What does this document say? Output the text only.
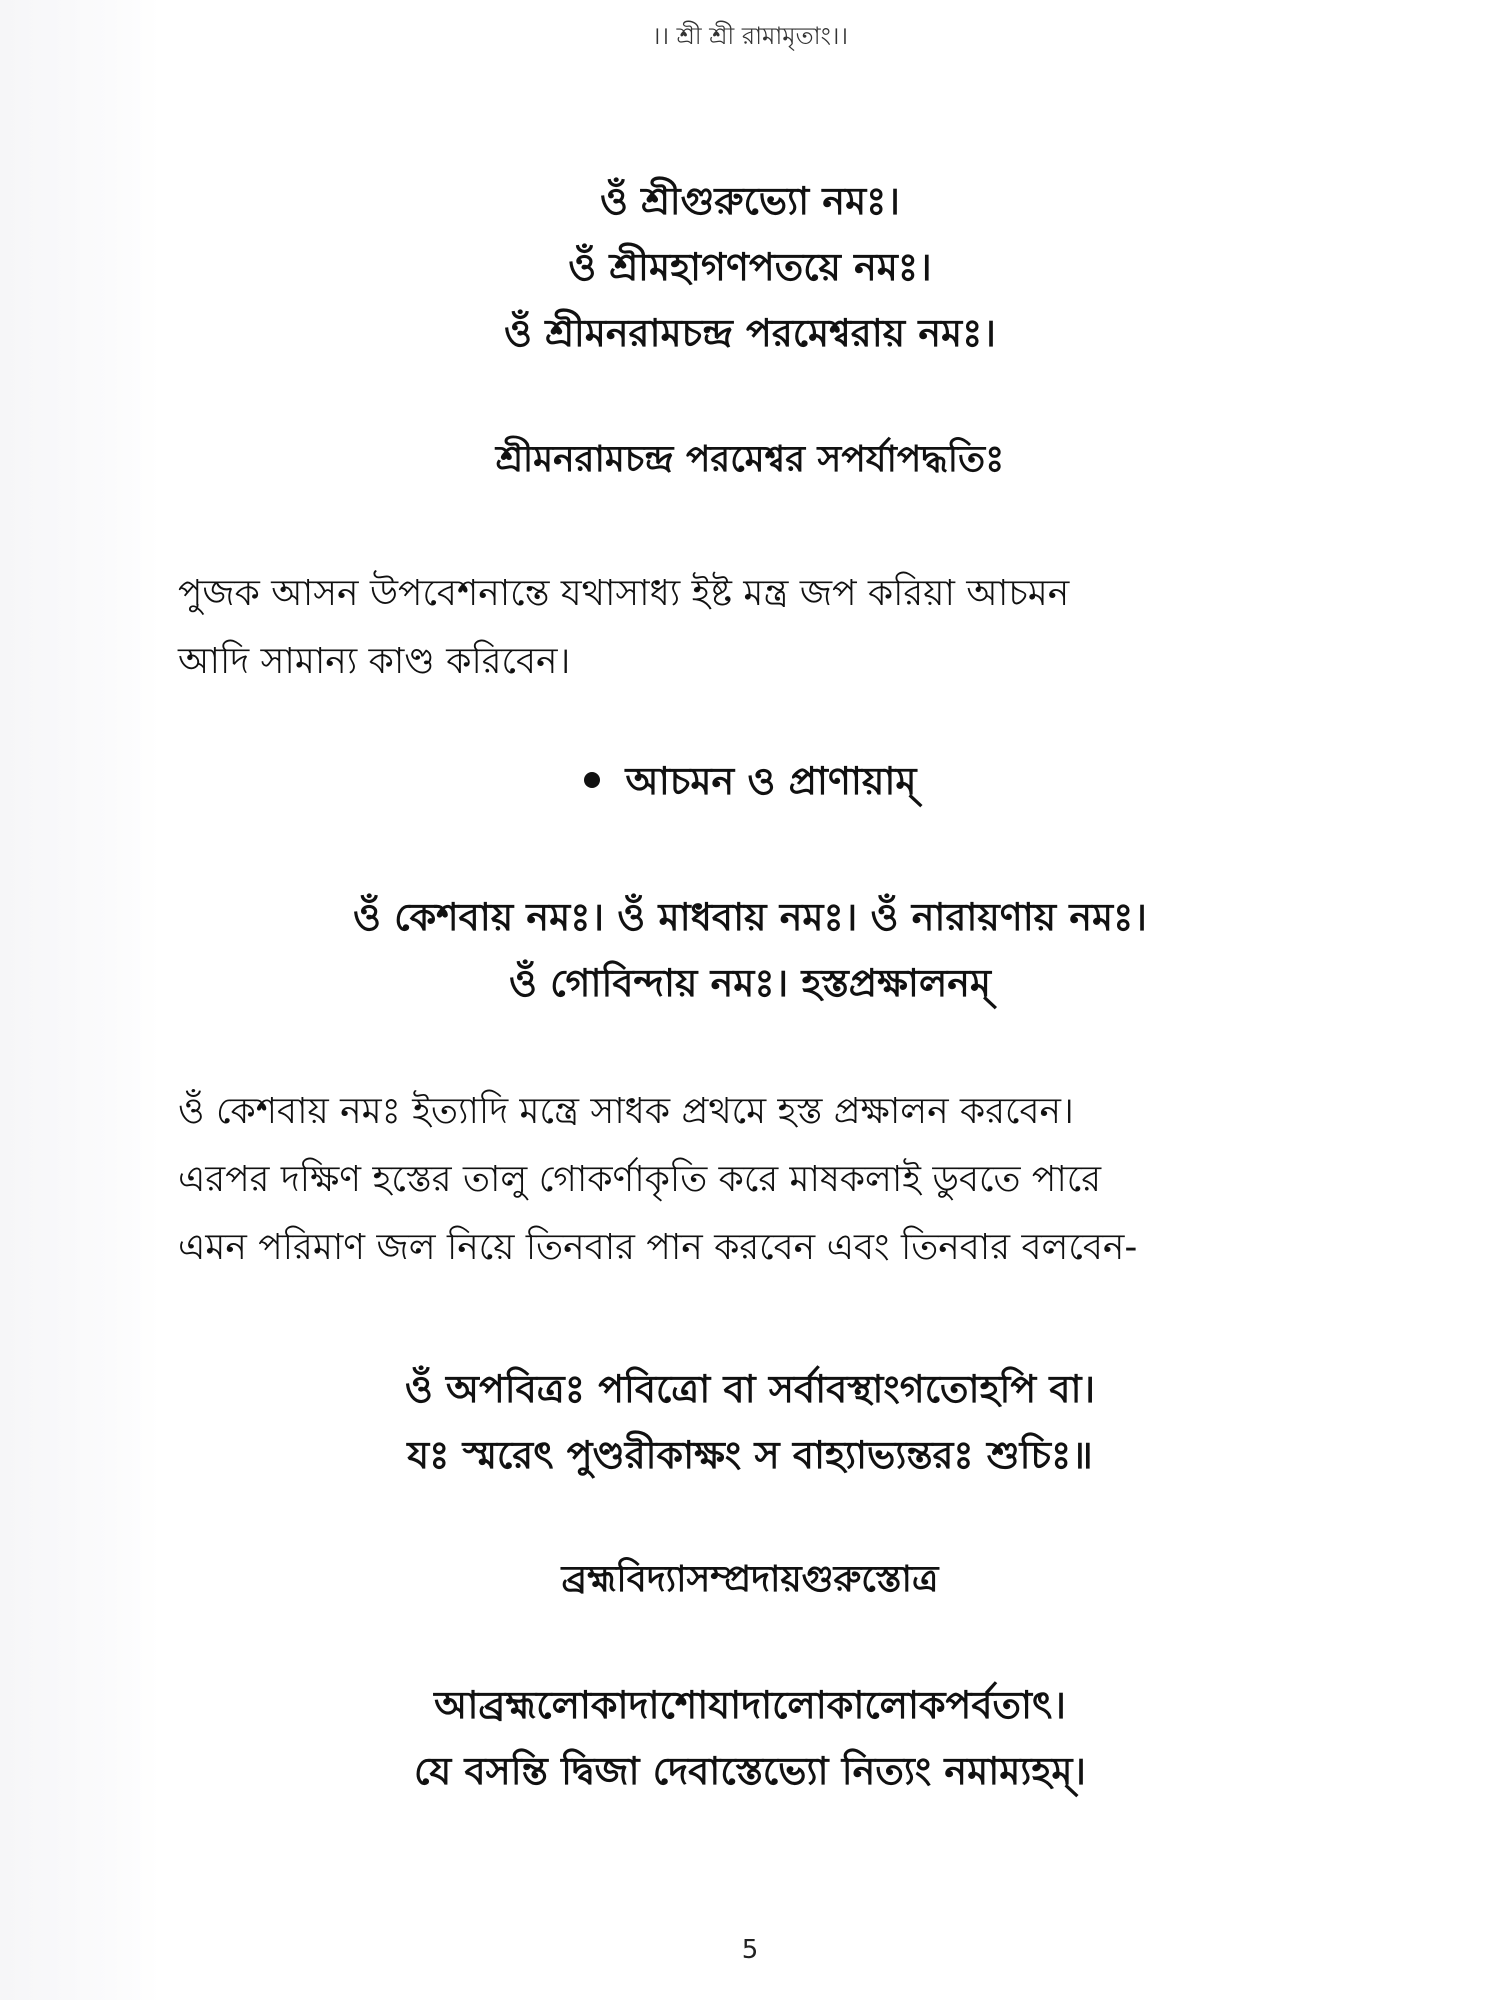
।। শ্রী শ্রী রামামৃতাং।।
ওঁ শ্রীগুরুভ্যো নমঃ।
ওঁ শ্রীমহাগণপতয়ে নমঃ।
ওঁ শ্রীমনরামচন্দ্র পরমেশ্বরায় নমঃ।
শ্রীমনরামচন্দ্র পরমেশ্বর সপর্যাপদ্ধতিঃ
পুজক আসন উপবেশনান্তে যথাসাধ্য ইষ্ট মন্ত্র জপ করিয়া আচমন
আদি সামান্য কাণ্ড করিবেন।
আচমন ও প্রাণায়াম্
ওঁ কেশবায় নমঃ। ওঁ মাধবায় নমঃ। ওঁ নারায়ণায় নমঃ।
ওঁ গোবিন্দায় নমঃ। হস্তপ্রক্ষালনম্
ওঁ কেশবায় নমঃ ইত্যাদি মন্ত্রে সাধক প্রথমে হস্ত প্রক্ষালন করবেন।
এরপর দক্ষিণ হস্তের তালু গোকর্ণাকৃতি করে মাষকলাই ডুবতে পারে
এমন পরিমাণ জল নিয়ে তিনবার পান করবেন এবং তিনবার বলবেন-
ওঁ অপবিত্রঃ পবিত্রো বা সর্বাবস্থাংগতোহপি বা।
যঃ স্মরেৎ পুণ্ডরীকাক্ষং স বাহ্যাভ্যন্তরঃ শুচিঃ॥
ব্রহ্মবিদ্যাসম্প্রদায়গুরুস্তোত্র
আব্রহ্মলোকাদাশোযাদালোকালোকপর্বতাৎ।
যে বসন্তি দ্বিজা দেবাস্তেভ্যো নিত্যং নমাম্যহম্।
5
